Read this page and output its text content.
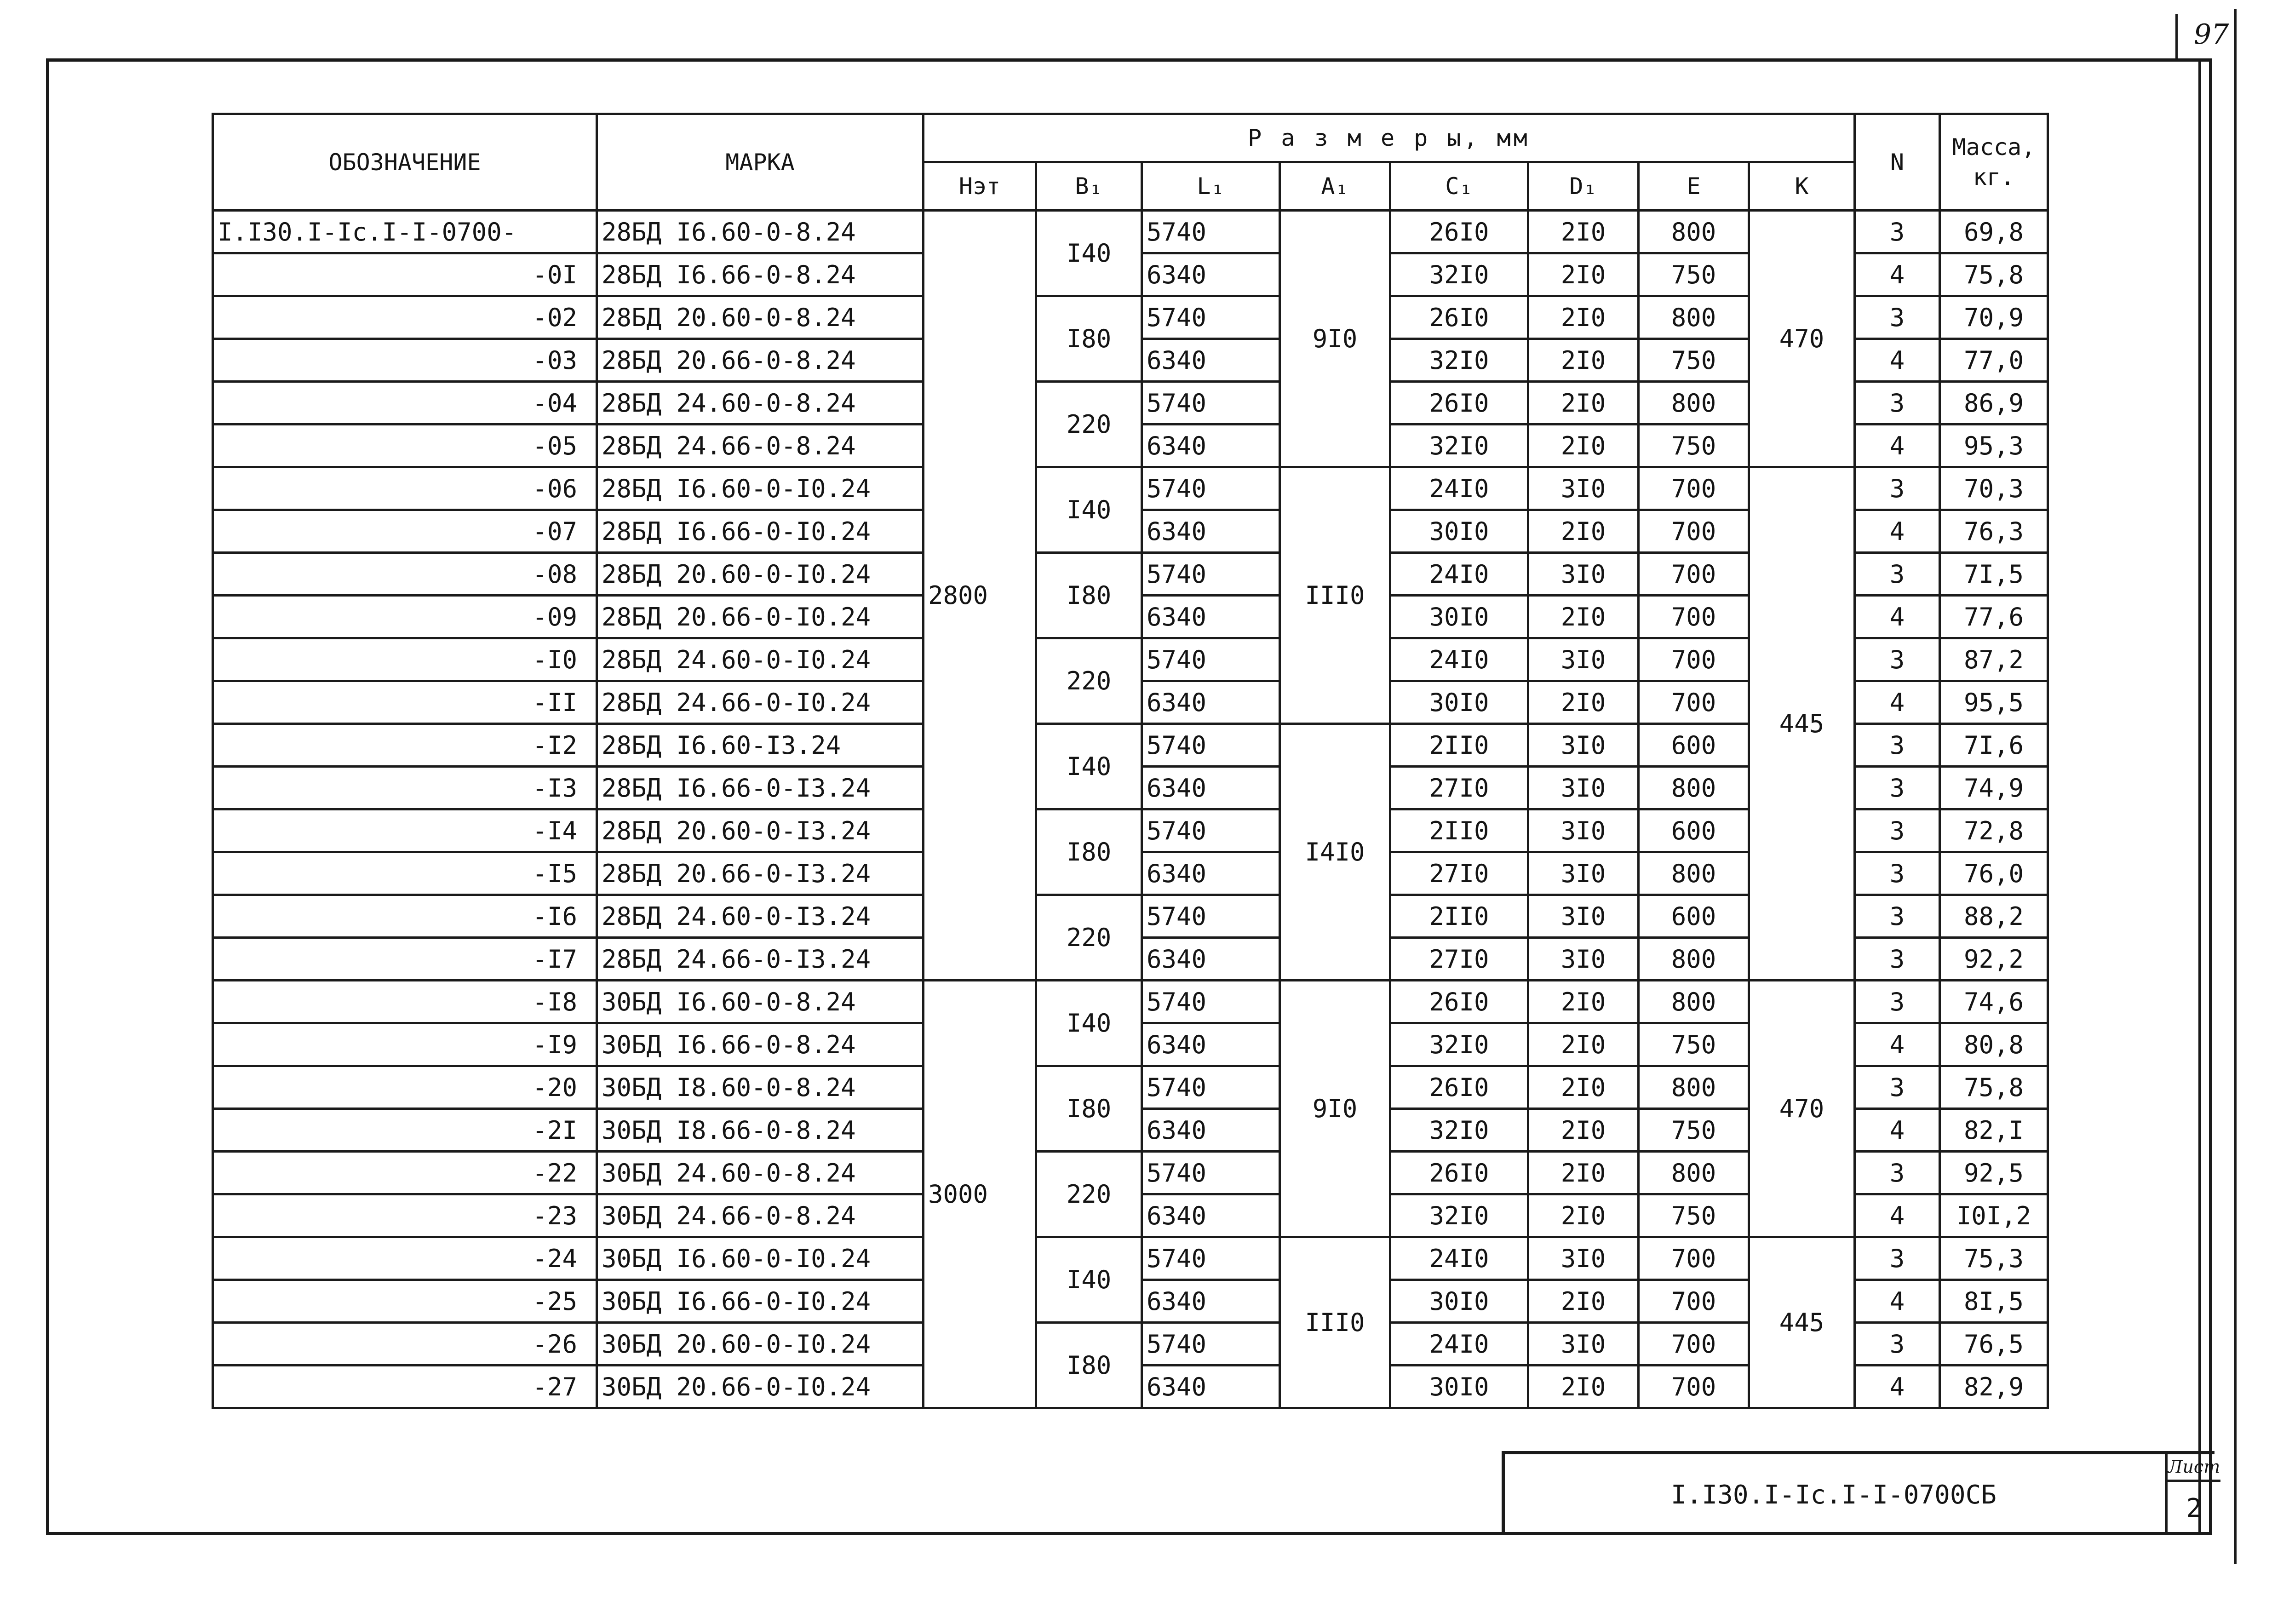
97
ОБОЗНАЧЕНИЕ	МАРКА	Р а з м е р ы, мм								N	Масса, кг.
		Hэт	B₁	L₁	A₁	C₁	D₁	E	K		
I.I30.I-Ic.I-I-0700-	28БД I6.60-0-8.24	2800	I40	5740	9I0	26I0	2I0	800	470	3	69,8
-0I	28БД I6.66-0-8.24			6340		32I0	2I0	750		4	75,8
-02	28БД 20.60-0-8.24		I80	5740		26I0	2I0	800		3	70,9
-03	28БД 20.66-0-8.24			6340		32I0	2I0	750		4	77,0
-04	28БД 24.60-0-8.24		220	5740		26I0	2I0	800		3	86,9
-05	28БД 24.66-0-8.24			6340		32I0	2I0	750		4	95,3
-06	28БД I6.60-0-I0.24		I40	5740	III0	24I0	3I0	700	445	3	70,3
-07	28БД I6.66-0-I0.24			6340		30I0	2I0	700		4	76,3
-08	28БД 20.60-0-I0.24		I80	5740		24I0	3I0	700		3	7I,5
-09	28БД 20.66-0-I0.24			6340		30I0	2I0	700		4	77,6
-I0	28БД 24.60-0-I0.24		220	5740		24I0	3I0	700		3	87,2
-II	28БД 24.66-0-I0.24			6340		30I0	2I0	700		4	95,5
-I2	28БД I6.60-I3.24		I40	5740	I4I0	2II0	3I0	600		3	7I,6
-I3	28БД I6.66-0-I3.24			6340		27I0	3I0	800		3	74,9
-I4	28БД 20.60-0-I3.24		I80	5740		2II0	3I0	600		3	72,8
-I5	28БД 20.66-0-I3.24			6340		27I0	3I0	800		3	76,0
-I6	28БД 24.60-0-I3.24		220	5740		2II0	3I0	600		3	88,2
-I7	28БД 24.66-0-I3.24			6340		27I0	3I0	800		3	92,2
-I8	30БД I6.60-0-8.24	3000	I40	5740	9I0	26I0	2I0	800	470	3	74,6
-I9	30БД I6.66-0-8.24			6340		32I0	2I0	750		4	80,8
-20	30БД I8.60-0-8.24		I80	5740		26I0	2I0	800		3	75,8
-2I	30БД I8.66-0-8.24			6340		32I0	2I0	750		4	82,I
-22	30БД 24.60-0-8.24		220	5740		26I0	2I0	800		3	92,5
-23	30БД 24.66-0-8.24			6340		32I0	2I0	750		4	I0I,2
-24	30БД I6.60-0-I0.24		I40	5740	III0	24I0	3I0	700	445	3	75,3
-25	30БД I6.66-0-I0.24			6340		30I0	2I0	700		4	8I,5
-26	30БД 20.60-0-I0.24		I80	5740		24I0	3I0	700		3	76,5
-27	30БД 20.66-0-I0.24			6340		30I0	2I0	700		4	82,9
I.I30.I-Ic.I-I-0700СБ
Лист
2
